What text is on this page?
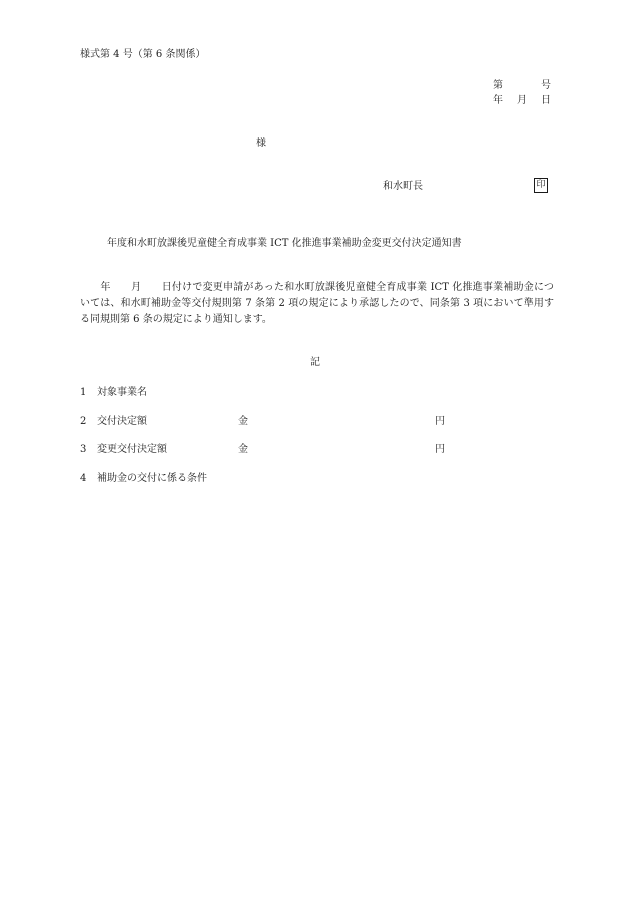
様式第 4 号（第 6 条関係）
第	号
年 月 日
様
和水町長	印
年度和水町放課後児童健全育成事業 ICT 化推進事業補助金変更交付決定通知書
　　年　　月　　日付けで変更申請があった和水町放課後児童健全育成事業 ICT 化推進事業補助金については、和水町補助金等交付規則第 7 条第 2 項の規定により承認したので、同条第 3 項において準用する同規則第 6 条の規定により通知します。
記
1 対象事業名
2 交付決定額	金	円
3 変更交付決定額	金	円
4 補助金の交付に係る条件
